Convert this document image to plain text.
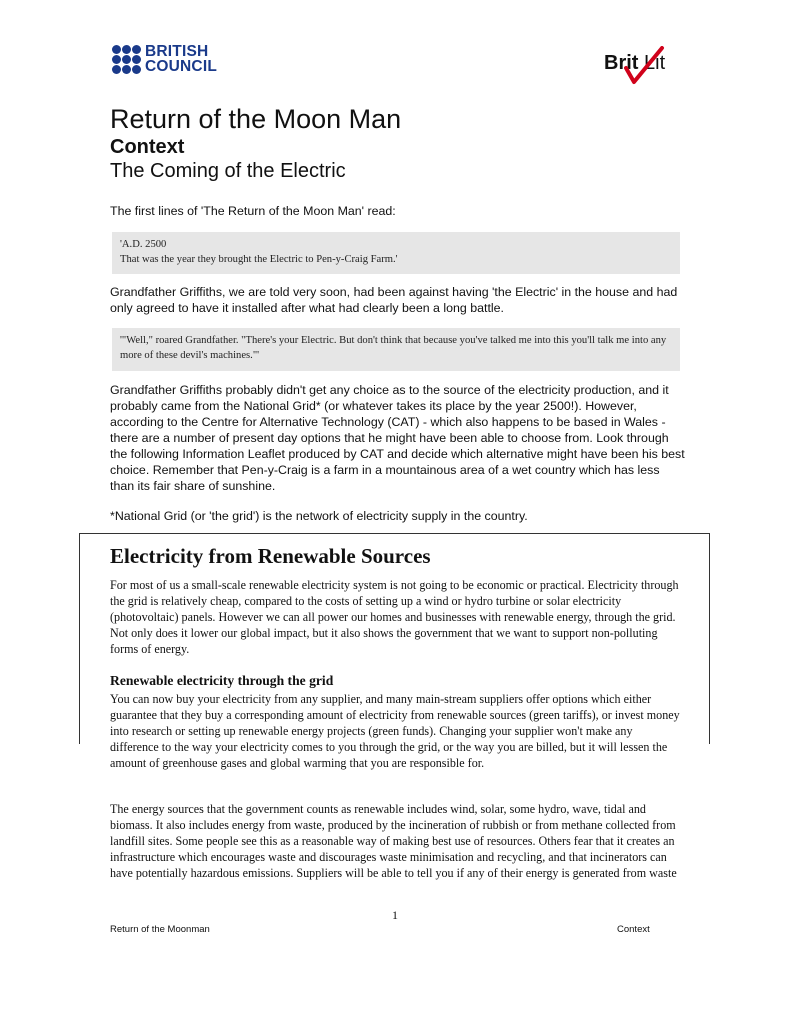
BRITISH
COUNCIL	Brit Lit
Return of the Moon Man
Context
The Coming of the Electric
The first lines of 'The Return of the Moon Man' read:
'A.D. 2500
That was the year they brought the Electric to Pen-y-Craig Farm.'
Grandfather Griffiths, we are told very soon, had been against having 'the Electric' in the house and had only agreed to have it installed after what had clearly been a long battle.
'"Well," roared Grandfather. "There's your Electric. But don't think that because you've talked me into this you'll talk me into any more of these devil's machines."'
Grandfather Griffiths probably didn't get any choice as to the source of the electricity production, and it probably came from the National Grid* (or whatever takes its place by the year 2500!). However, according to the Centre for Alternative Technology (CAT) - which also happens to be based in Wales - there are a number of present day options that he might have been able to choose from. Look through the following Information Leaflet produced by CAT and decide which alternative might have been his best choice. Remember that Pen-y-Craig is a farm in a mountainous area of a wet country which has less than its fair share of sunshine.
*National Grid (or 'the grid') is the network of electricity supply in the country.
Electricity from Renewable Sources
For most of us a small-scale renewable electricity system is not going to be economic or practical. Electricity through the grid is relatively cheap, compared to the costs of setting up a wind or hydro turbine or solar electricity (photovoltaic) panels. However we can all power our homes and businesses with renewable energy, through the grid. Not only does it lower our global impact, but it also shows the government that we want to support non-polluting forms of energy.
Renewable electricity through the grid
You can now buy your electricity from any supplier, and many main-stream suppliers offer options which either guarantee that they buy a corresponding amount of electricity from renewable sources (green tariffs), or invest money into research or setting up renewable energy projects (green funds). Changing your supplier won't make any difference to the way your electricity comes to you through the grid, or the way you are billed, but it will lessen the amount of greenhouse gases and global warming that you are responsible for.
The energy sources that the government counts as renewable includes wind, solar, some hydro, wave, tidal and biomass. It also includes energy from waste, produced by the incineration of rubbish or from methane collected from landfill sites. Some people see this as a reasonable way of making best use of resources. Others fear that it creates an infrastructure which encourages waste and discourages waste minimisation and recycling, and that incinerators can have potentially hazardous emissions. Suppliers will be able to tell you if any of their energy is generated from waste
1
Return of the Moonman	Context
